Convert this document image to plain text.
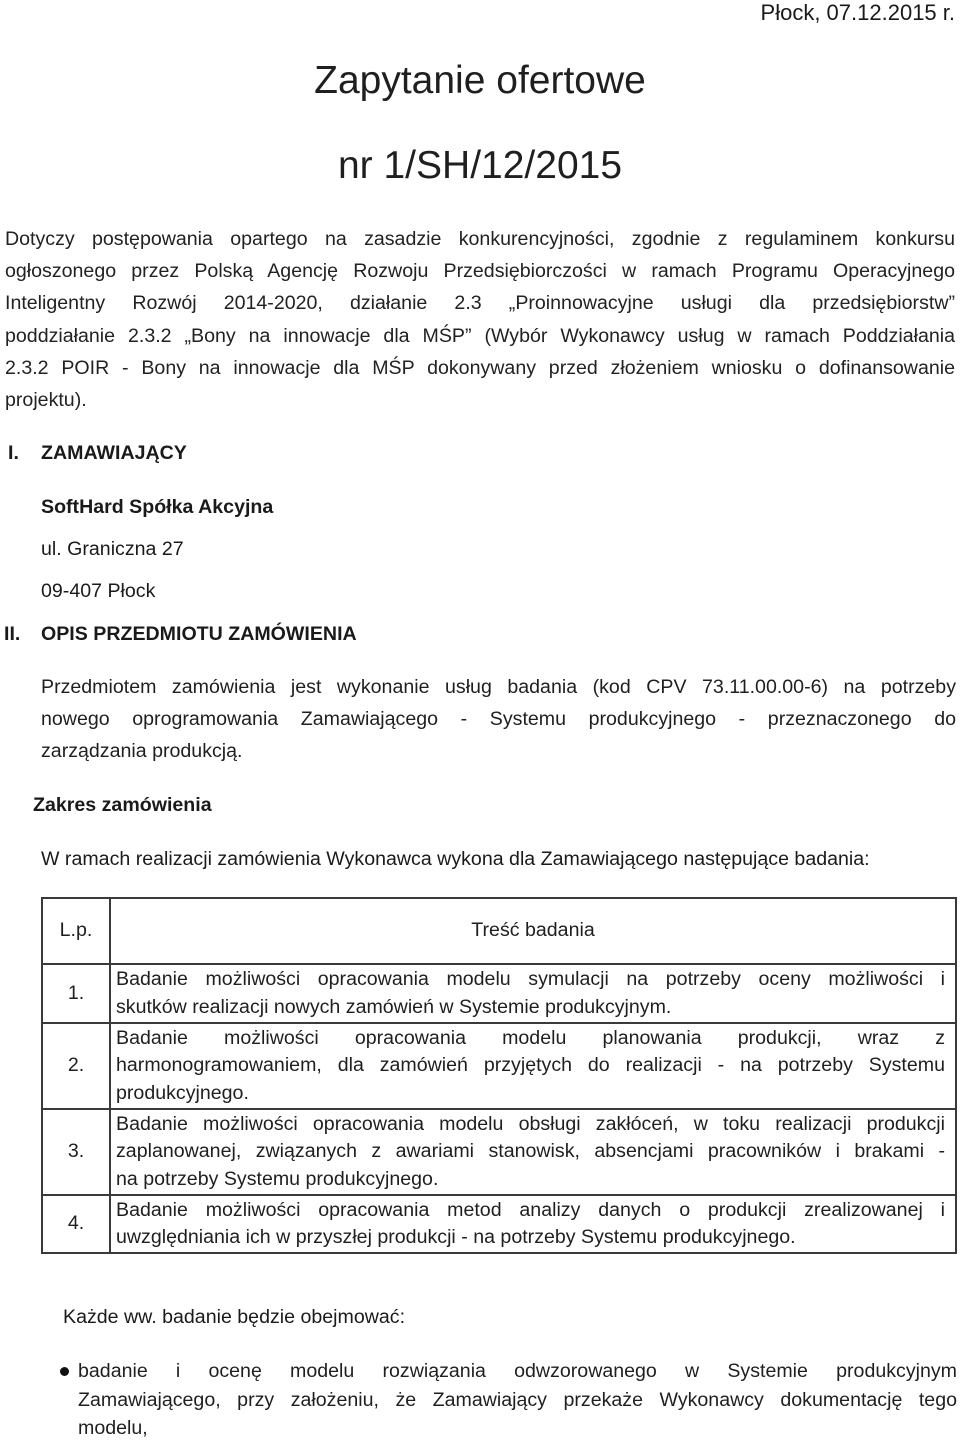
Płock, 07.12.2015 r.
Zapytanie ofertowe
nr 1/SH/12/2015

Dotyczy postępowania opartego na zasadzie konkurencyjności, zgodnie z regulaminem konkursu

ogłoszonego przez Polską Agencję Rozwoju Przedsiębiorczości w ramach Programu Operacyjnego

Inteligentny Rozwój 2014-2020, działanie 2.3 „Proinnowacyjne usługi dla przedsiębiorstw”

poddziałanie 2.3.2 „Bony na innowacje dla MŚP” (Wybór Wykonawcy usług w ramach Poddziałania

2.3.2 POIR - Bony na innowacje dla MŚP dokonywany przed złożeniem wniosku o dofinansowanie

projektu).

I. ZAMAWIAJĄCY
SoftHard Spółka Akcyjna
ul. Graniczna 27
09-407 Płock
II. OPIS PRZEDMIOTU ZAMÓWIENIA

Przedmiotem zamówienia jest wykonanie usług badania (kod CPV 73.11.00.00-6) na potrzeby

nowego oprogramowania Zamawiającego - Systemu produkcyjnego - przeznaczonego do

zarządzania produkcją.

Zakres zamówienia
W ramach realizacji zamówienia Wykonawca wykona dla Zamawiającego następujące badania:
L.p.	Treść badania
1.	Badanie możliwości opracowania modelu symulacji na potrzeby oceny możliwości i

skutków realizacji nowych zamówień w Systemie produkcyjnym.

2.	Badanie możliwości opracowania modelu planowania produkcji, wraz z

harmonogramowaniem, dla zamówień przyjętych do realizacji - na potrzeby Systemu

produkcyjnego.

3.	Badanie możliwości opracowania modelu obsługi zakłóceń, w toku realizacji produkcji

zaplanowanej, związanych z awariami stanowisk, absencjami pracowników i brakami -

na potrzeby Systemu produkcyjnego.

4.	Badanie możliwości opracowania metod analizy danych o produkcji zrealizowanej i

uwzględniania ich w przyszłej produkcji - na potrzeby Systemu produkcyjnego.

Każde ww. badanie będzie obejmować:

badanie i ocenę modelu rozwiązania odwzorowanego w Systemie produkcyjnym

Zamawiającego, przy założeniu, że Zamawiający przekaże Wykonawcy dokumentację tego

modelu,
